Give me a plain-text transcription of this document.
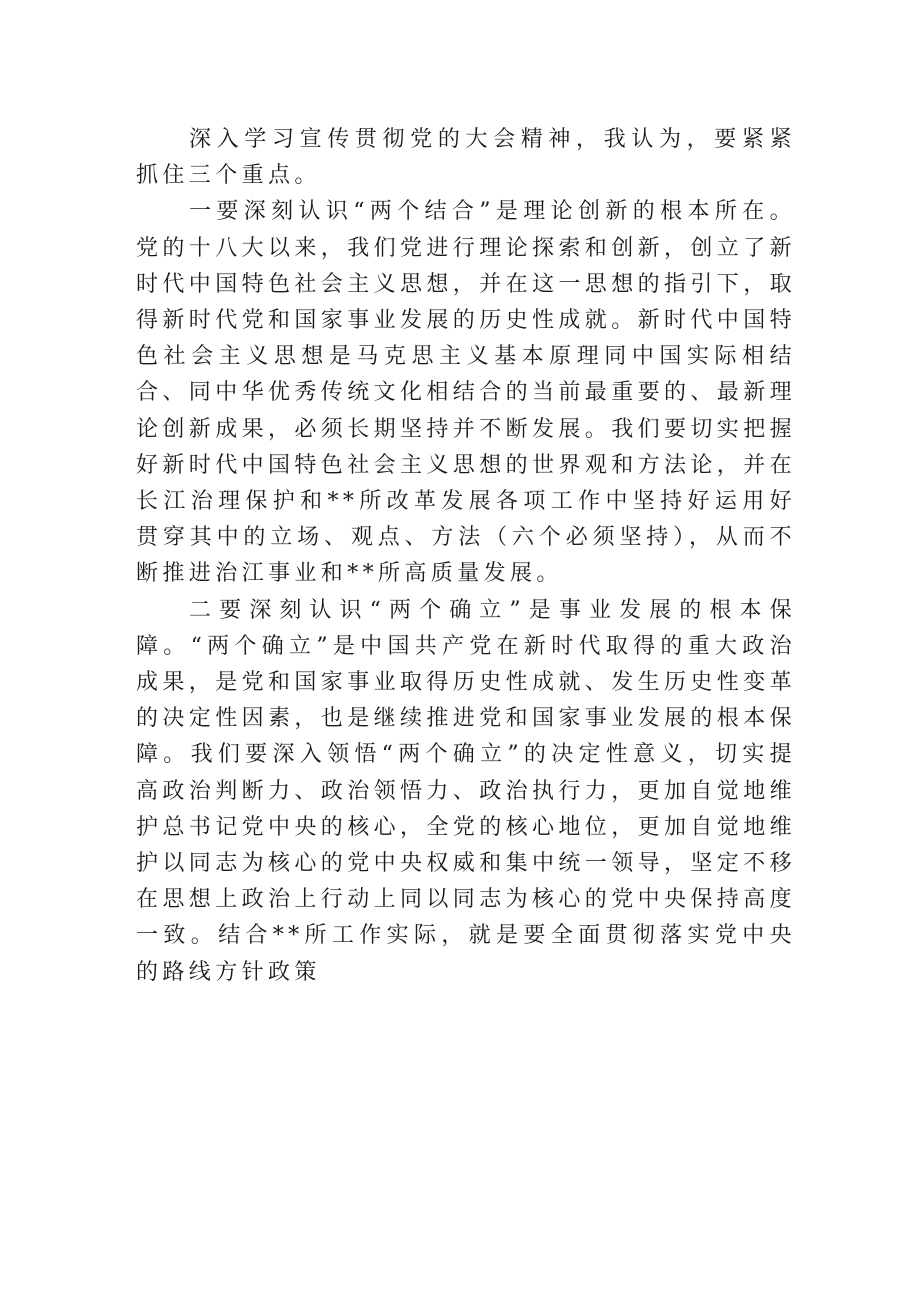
深入学习宣传贯彻党的大会精神，我认为，要紧紧抓住三个重点。

一要深刻认识“两个结合”是理论创新的根本所在。党的十八大以来，我们党进行理论探索和创新，创立了新时代中国特色社会主义思想，并在这一思想的指引下，取得新时代党和国家事业发展的历史性成就。新时代中国特色社会主义思想是马克思主义基本原理同中国实际相结合、同中华优秀传统文化相结合的当前最重要的、最新理论创新成果，必须长期坚持并不断发展。我们要切实把握好新时代中国特色社会主义思想的世界观和方法论，并在长江治理保护和**所改革发展各项工作中坚持好运用好贯穿其中的立场、观点、方法（六个必须坚持），从而不断推进治江事业和**所高质量发展。

二要深刻认识“两个确立”是事业发展的根本保障。“两个确立”是中国共产党在新时代取得的重大政治成果，是党和国家事业取得历史性成就、发生历史性变革的决定性因素，也是继续推进党和国家事业发展的根本保障。我们要深入领悟“两个确立”的决定性意义，切实提高政治判断力、政治领悟力、政治执行力，更加自觉地维护总书记党中央的核心，全党的核心地位，更加自觉地维护以同志为核心的党中央权威和集中统一领导，坚定不移在思想上政治上行动上同以同志为核心的党中央保持高度一致。结合**所工作实际，就是要全面贯彻落实党中央的路线方针政策
